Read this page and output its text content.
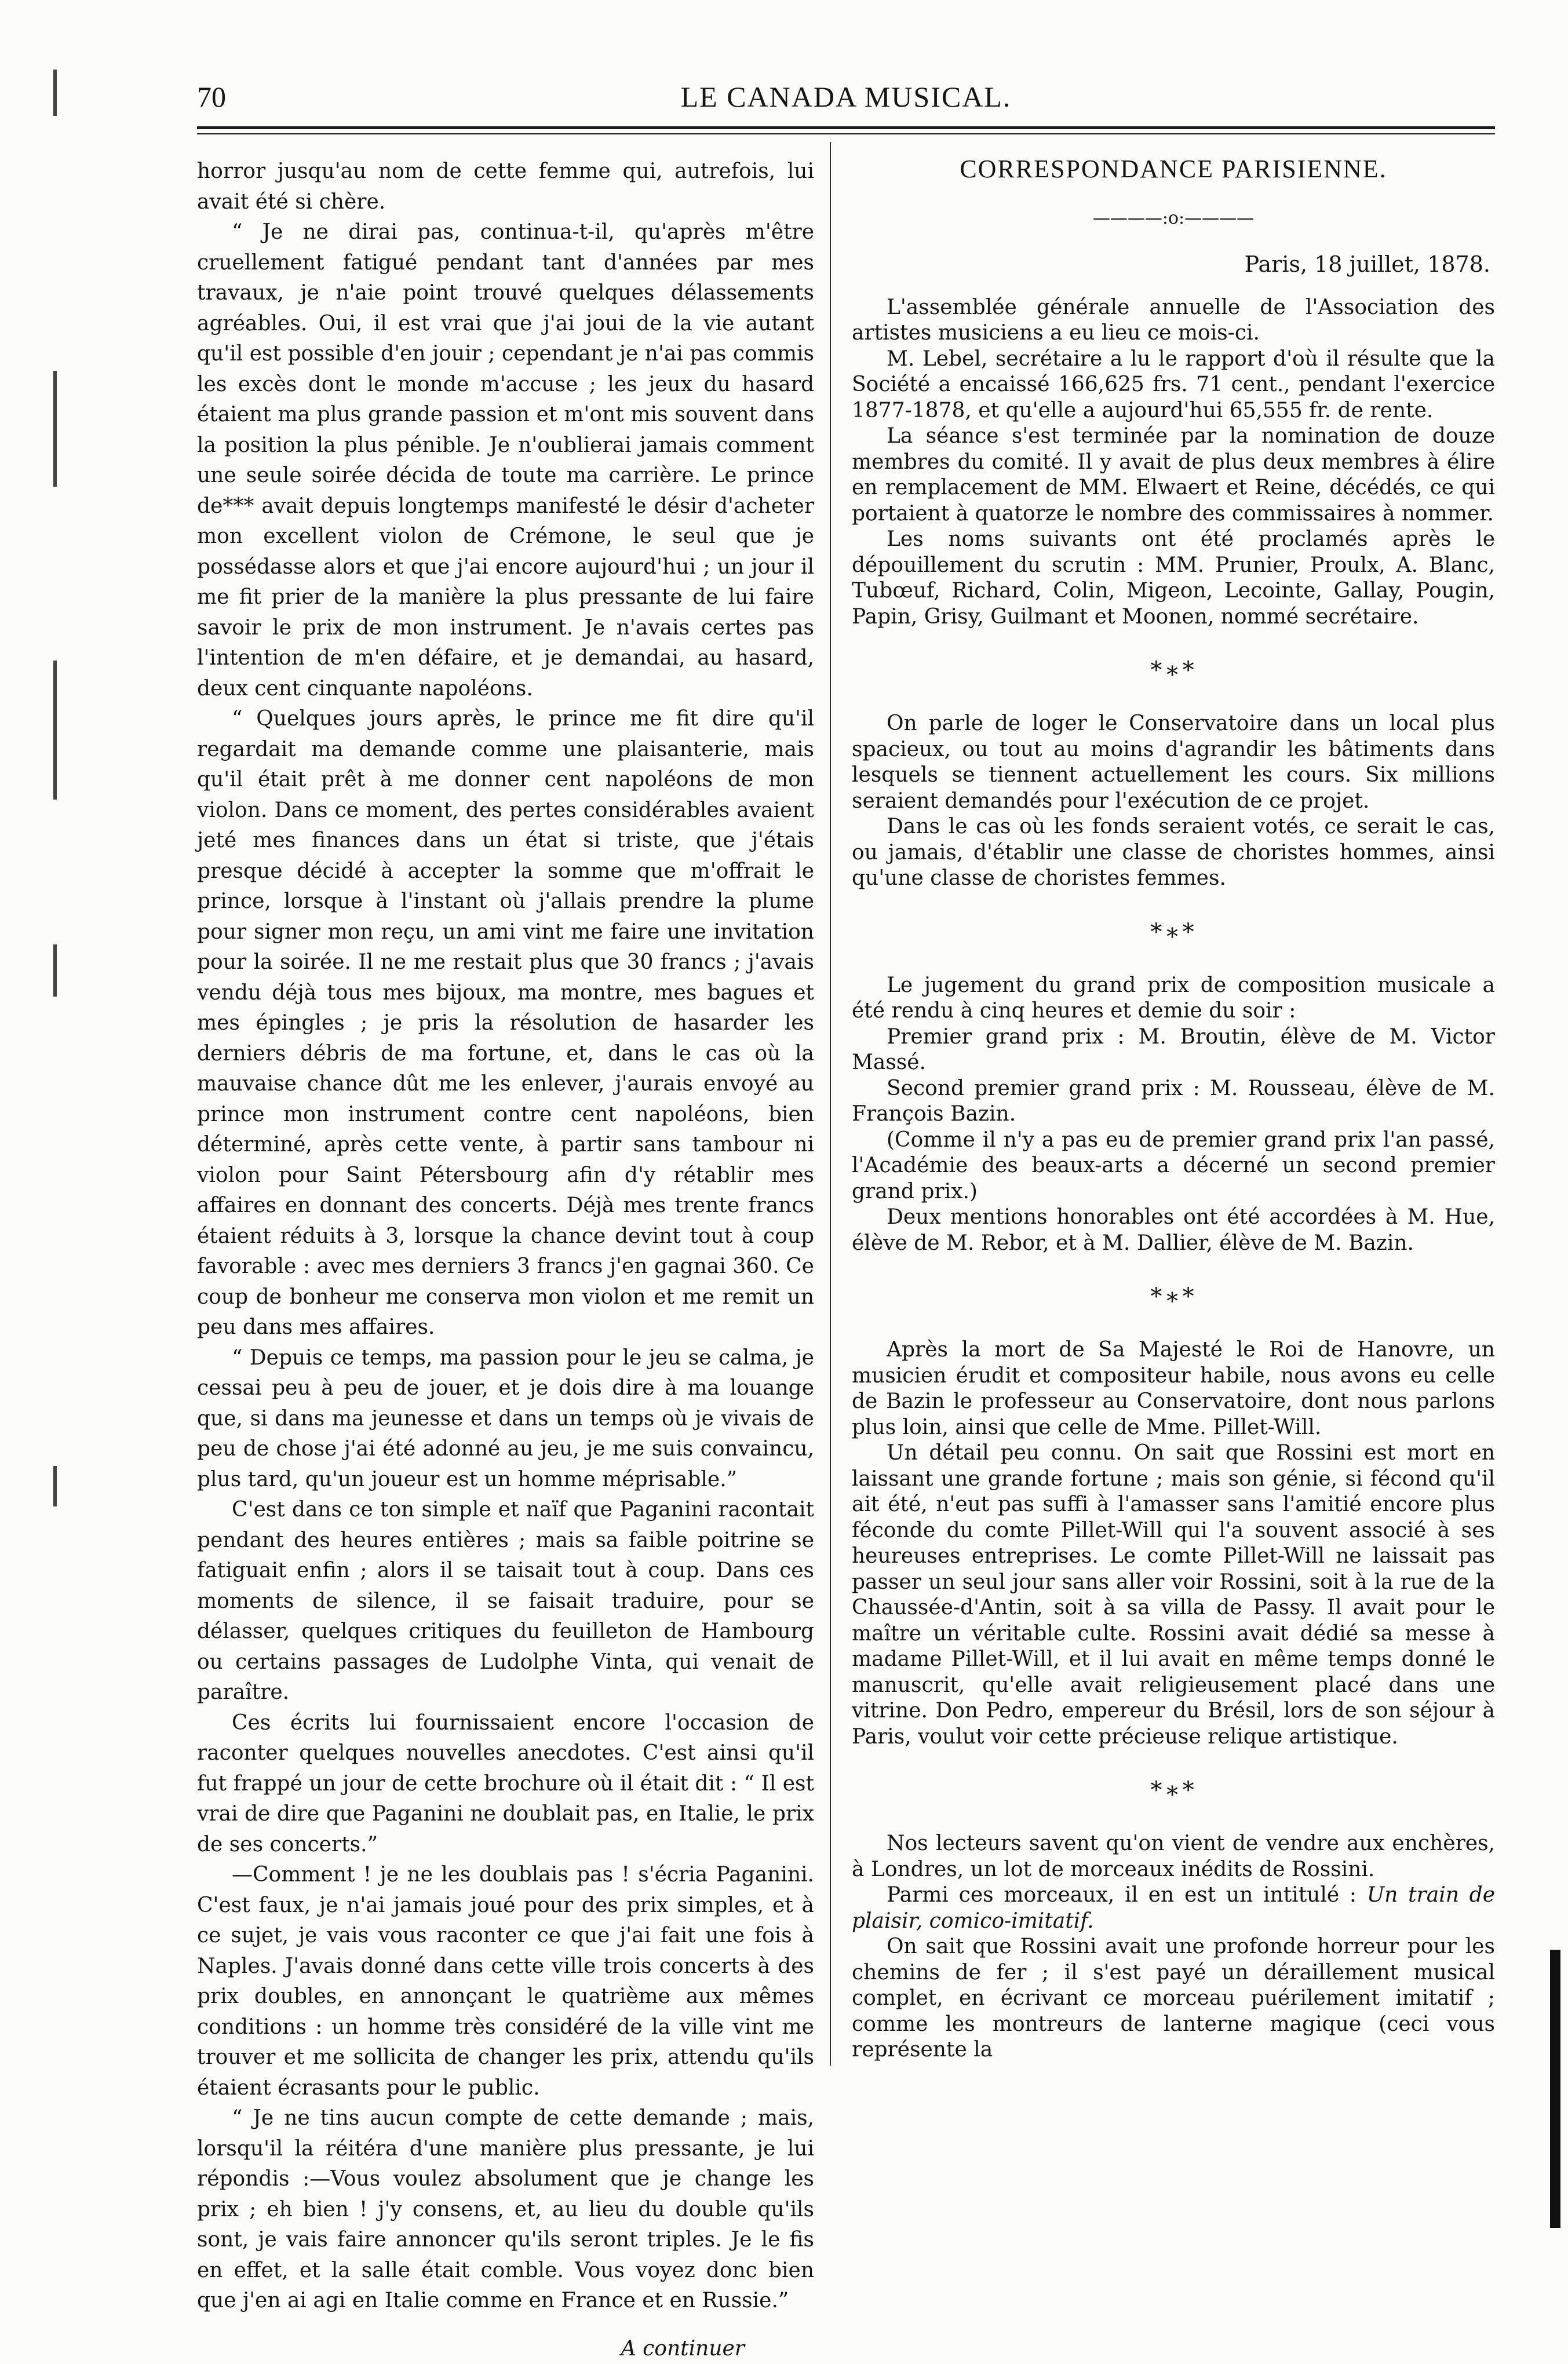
70	LE CANADA MUSICAL.

horror jusqu'au nom de cette femme qui, autrefois, lui avait été si chère.

“ Je ne dirai pas, continua-t-il, qu'après m'être cruellement fatigué pendant tant d'années par mes travaux, je n'aie point trouvé quelques délassements agréables. Oui, il est vrai que j'ai joui de la vie autant qu'il est possible d'en jouir ; cependant je n'ai pas commis les excès dont le monde m'accuse ; les jeux du hasard étaient ma plus grande passion et m'ont mis souvent dans la position la plus pénible. Je n'oublierai jamais comment une seule soirée décida de toute ma carrière. Le prince de*** avait depuis longtemps manifesté le désir d'acheter mon excellent violon de Crémone, le seul que je possédasse alors et que j'ai encore aujourd'hui ; un jour il me fit prier de la manière la plus pressante de lui faire savoir le prix de mon instrument. Je n'avais certes pas l'intention de m'en défaire, et je demandai, au hasard, deux cent cinquante napoléons.

“ Quelques jours après, le prince me fit dire qu'il regardait ma demande comme une plaisanterie, mais qu'il était prêt à me donner cent napoléons de mon violon. Dans ce moment, des pertes considérables avaient jeté mes finances dans un état si triste, que j'étais presque décidé à accepter la somme que m'offrait le prince, lorsque à l'instant où j'allais prendre la plume pour signer mon reçu, un ami vint me faire une invitation pour la soirée. Il ne me restait plus que 30 francs ; j'avais vendu déjà tous mes bijoux, ma montre, mes bagues et mes épingles ; je pris la résolution de hasarder les derniers débris de ma fortune, et, dans le cas où la mauvaise chance dût me les enlever, j'aurais envoyé au prince mon instrument contre cent napoléons, bien déterminé, après cette vente, à partir sans tambour ni violon pour Saint Pétersbourg afin d'y rétablir mes affaires en donnant des concerts. Déjà mes trente francs étaient réduits à 3, lorsque la chance devint tout à coup favorable : avec mes derniers 3 francs j'en gagnai 360. Ce coup de bonheur me conserva mon violon et me remit un peu dans mes affaires.

“ Depuis ce temps, ma passion pour le jeu se calma, je cessai peu à peu de jouer, et je dois dire à ma louange que, si dans ma jeunesse et dans un temps où je vivais de peu de chose j'ai été adonné au jeu, je me suis convaincu, plus tard, qu'un joueur est un homme méprisable.”

C'est dans ce ton simple et naïf que Paganini racontait pendant des heures entières ; mais sa faible poitrine se fatiguait enfin ; alors il se taisait tout à coup. Dans ces moments de silence, il se faisait traduire, pour se délasser, quelques critiques du feuilleton de Hambourg ou certains passages de Ludolphe Vinta, qui venait de paraître.

Ces écrits lui fournissaient encore l'occasion de raconter quelques nouvelles anecdotes. C'est ainsi qu'il fut frappé un jour de cette brochure où il était dit : “ Il est vrai de dire que Paganini ne doublait pas, en Italie, le prix de ses concerts.”

—Comment ! je ne les doublais pas ! s'écria Paganini. C'est faux, je n'ai jamais joué pour des prix simples, et à ce sujet, je vais vous raconter ce que j'ai fait une fois à Naples. J'avais donné dans cette ville trois concerts à des prix doubles, en annonçant le quatrième aux mêmes conditions : un homme très considéré de la ville vint me trouver et me sollicita de changer les prix, attendu qu'ils étaient écrasants pour le public.

“ Je ne tins aucun compte de cette demande ; mais, lorsqu'il la réitéra d'une manière plus pressante, je lui répondis :—Vous voulez absolument que je change les prix ; eh bien ! j'y consens, et, au lieu du double qu'ils sont, je vais faire annoncer qu'ils seront triples. Je le fis en effet, et la salle était comble. Vous voyez donc bien que j'en ai agi en Italie comme en France et en Russie.”

A continuer
CORRESPONDANCE PARISIENNE.
————:o:————
Paris, 18 juillet, 1878.

L'assemblée générale annuelle de l'Association des artistes musiciens a eu lieu ce mois-ci.

M. Lebel, secrétaire a lu le rapport d'où il résulte que la Société a encaissé 166,625 frs. 71 cent., pendant l'exercice 1877-1878, et qu'elle a aujourd'hui 65,555 fr. de rente.

La séance s'est terminée par la nomination de douze membres du comité. Il y avait de plus deux membres à élire en remplacement de MM. Elwaert et Reine, décédés, ce qui portaient à quatorze le nombre des commissaires à nommer.

Les noms suivants ont été proclamés après le dépouillement du scrutin : MM. Prunier, Proulx, A. Blanc, Tubœuf, Richard, Colin, Migeon, Lecointe, Gallay, Pougin, Papin, Grisy, Guilmant et Moonen, nommé secrétaire.

*∗*

On parle de loger le Conservatoire dans un local plus spacieux, ou tout au moins d'agrandir les bâtiments dans lesquels se tiennent actuellement les cours. Six millions seraient demandés pour l'exécution de ce projet.

Dans le cas où les fonds seraient votés, ce serait le cas, ou jamais, d'établir une classe de choristes hommes, ainsi qu'une classe de choristes femmes.

*∗*

Le jugement du grand prix de composition musicale a été rendu à cinq heures et demie du soir :

Premier grand prix : M. Broutin, élève de M. Victor Massé.

Second premier grand prix : M. Rousseau, élève de M. François Bazin.

(Comme il n'y a pas eu de premier grand prix l'an passé, l'Académie des beaux-arts a décerné un second premier grand prix.)

Deux mentions honorables ont été accordées à M. Hue, élève de M. Rebor, et à M. Dallier, élève de M. Bazin.

*∗*

Après la mort de Sa Majesté le Roi de Hanovre, un musicien érudit et compositeur habile, nous avons eu celle de Bazin le professeur au Conservatoire, dont nous parlons plus loin, ainsi que celle de Mme. Pillet-Will.

Un détail peu connu. On sait que Rossini est mort en laissant une grande fortune ; mais son génie, si fécond qu'il ait été, n'eut pas suffi à l'amasser sans l'amitié encore plus féconde du comte Pillet-Will qui l'a souvent associé à ses heureuses entreprises. Le comte Pillet-Will ne laissait pas passer un seul jour sans aller voir Rossini, soit à la rue de la Chaussée-d'Antin, soit à sa villa de Passy. Il avait pour le maître un véritable culte. Rossini avait dédié sa messe à madame Pillet-Will, et il lui avait en même temps donné le manuscrit, qu'elle avait religieusement placé dans une vitrine. Don Pedro, empereur du Brésil, lors de son séjour à Paris, voulut voir cette précieuse relique artistique.

*∗*

Nos lecteurs savent qu'on vient de vendre aux enchères, à Londres, un lot de morceaux inédits de Rossini.

Parmi ces morceaux, il en est un intitulé : Un train de plaisir, comico-imitatif.

On sait que Rossini avait une profonde horreur pour les chemins de fer ; il s'est payé un déraillement musical complet, en écrivant ce morceau puérilement imitatif ; comme les montreurs de lanterne magique (ceci vous représente la
